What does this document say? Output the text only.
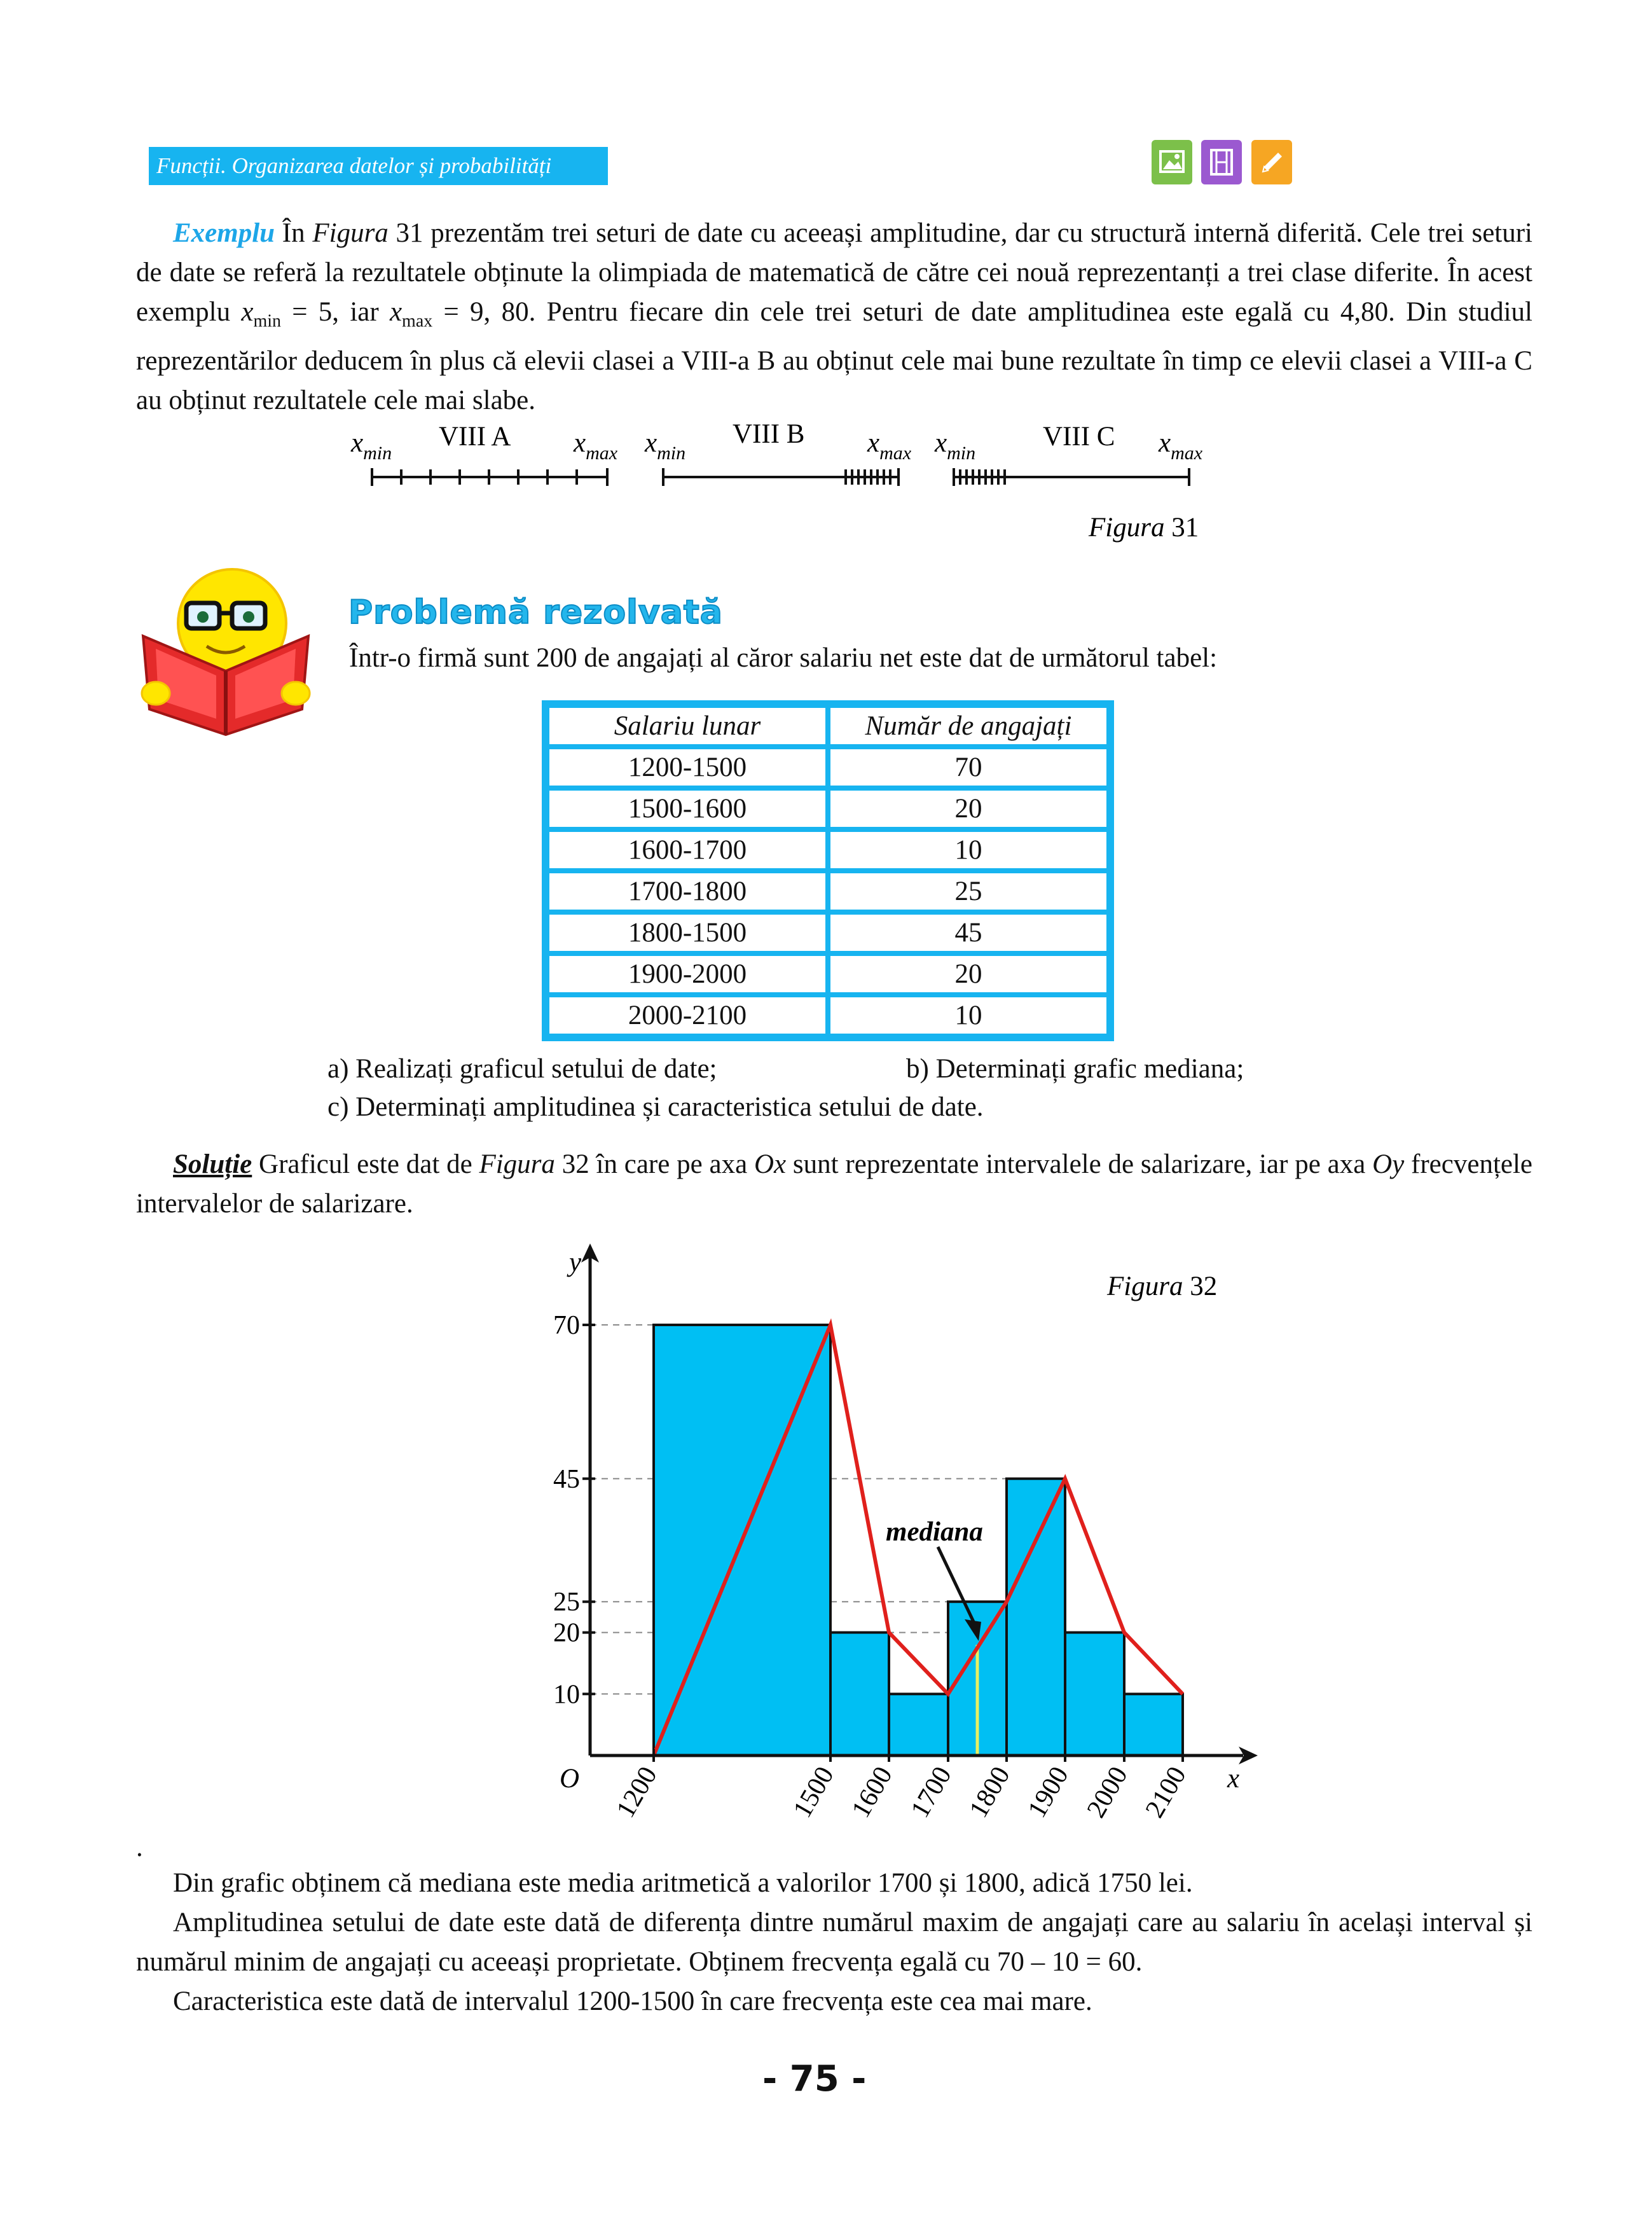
Funcții. Organizarea datelor și probabilități

Exemplu În Figura 31 prezentăm trei seturi de date cu aceeași amplitudine, dar cu structură internă diferită. Cele trei seturi de date se referă la rezultatele obținute la olimpiada de matematică de către cei nouă reprezentanți a trei clase diferite. În acest exemplu $x_{min} = 5$, iar $x_{max} = 9$, 80. Pentru fiecare din cele trei seturi de date amplitudinea este egală cu 4,80. Din studiul reprezentărilor deducem în plus că elevii clasei a VIII-a B au obținut cele mai bune rezultate în timp ce elevii clasei a VIII-a C au obținut rezultatele cele mai slabe.

$x_{min}$
VIII A $x_{max}$ $x_{min}$
VIII B $x_{max}$ $x_{min}$
VIII C $x_{max}$
Figura 31
Problemă rezolvată
Într-o firmă sunt 200 de angajați al căror salariu net este dat de următorul tabel:
Salariu lunar	Număr de angajați
1200-1500	70
1500-1600	20
1600-1700	10
1700-1800	25
1800-1500	45
1900-2000	20
2000-2100	10
a) Realizați graficul setului de date;	b) Determinați grafic mediana;
c) Determinați amplitudinea și caracteristica setului de date.

Soluție Graficul este dat de Figura 32 în care pe axa Ox sunt reprezentate intervalele de salarizare, iar pe axa Oy frecvențele intervalelor de salarizare.

10
20
25
45
70
1200	1500 1600 1700 1800 1900 2000 2100
y
x
O
Figura 32
mediana
.

Din grafic obținem că mediana este media aritmetică a valorilor 1700 și 1800, adică 1750 lei.

Amplitudinea setului de date este dată de diferența dintre numărul maxim de angajați care au salariu în același interval și numărul minim de angajați cu aceeași proprietate. Obținem frecvența egală cu 70 – 10 = 60.

Caracteristica este dată de intervalul 1200-1500 în care frecvența este cea mai mare.

- 75 -
